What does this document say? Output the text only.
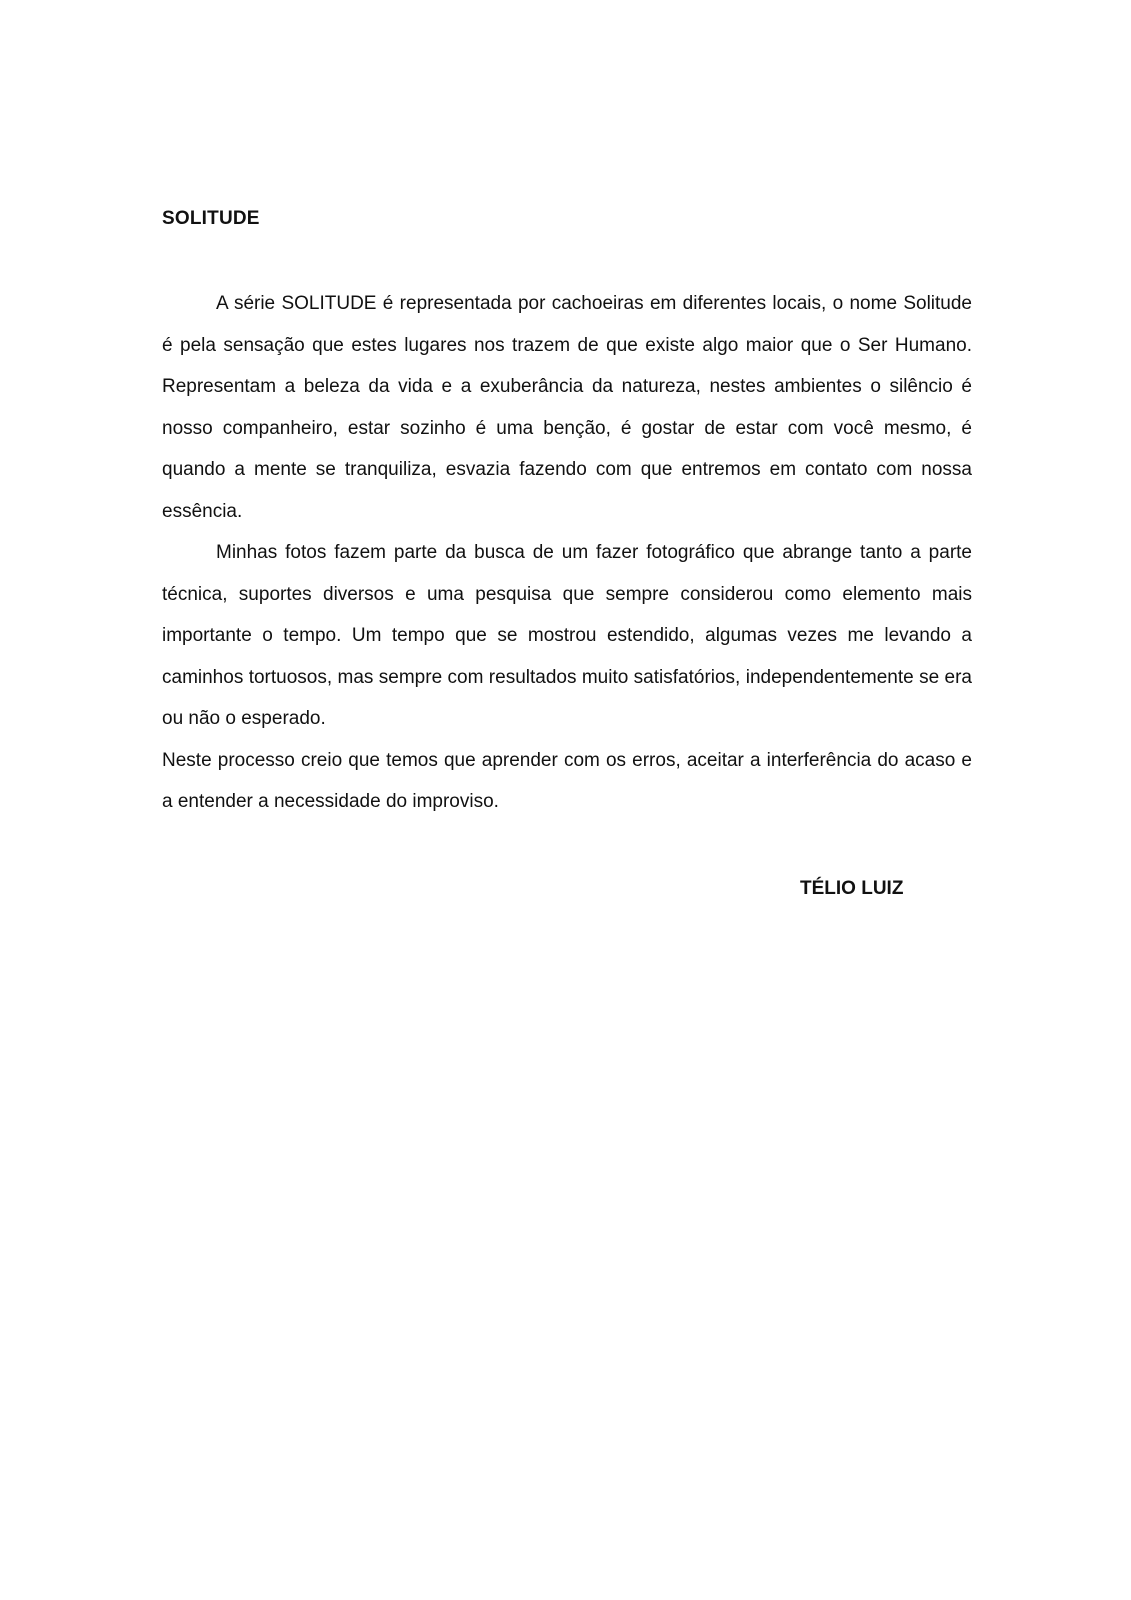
SOLITUDE

A série SOLITUDE é representada por cachoeiras em diferentes locais, o nome Solitude é pela sensação que estes lugares nos trazem de que existe algo maior que o Ser Humano. Representam a beleza da vida e a exuberância da natureza, nestes ambientes o silêncio é nosso companheiro, estar sozinho é uma benção, é gostar de estar com você mesmo, é quando a mente se tranquiliza, esvazia fazendo com que entremos em contato com nossa essência.

Minhas fotos fazem parte da busca de um fazer fotográfico que abrange tanto a parte técnica, suportes diversos e uma pesquisa que sempre considerou como elemento mais importante o tempo. Um tempo que se mostrou estendido, algumas vezes me levando a caminhos tortuosos, mas sempre com resultados muito satisfatórios, independentemente se era ou não o esperado.

Neste processo creio que temos que aprender com os erros, aceitar a interferência do acaso e a entender a necessidade do improviso.

TÉLIO LUIZ
